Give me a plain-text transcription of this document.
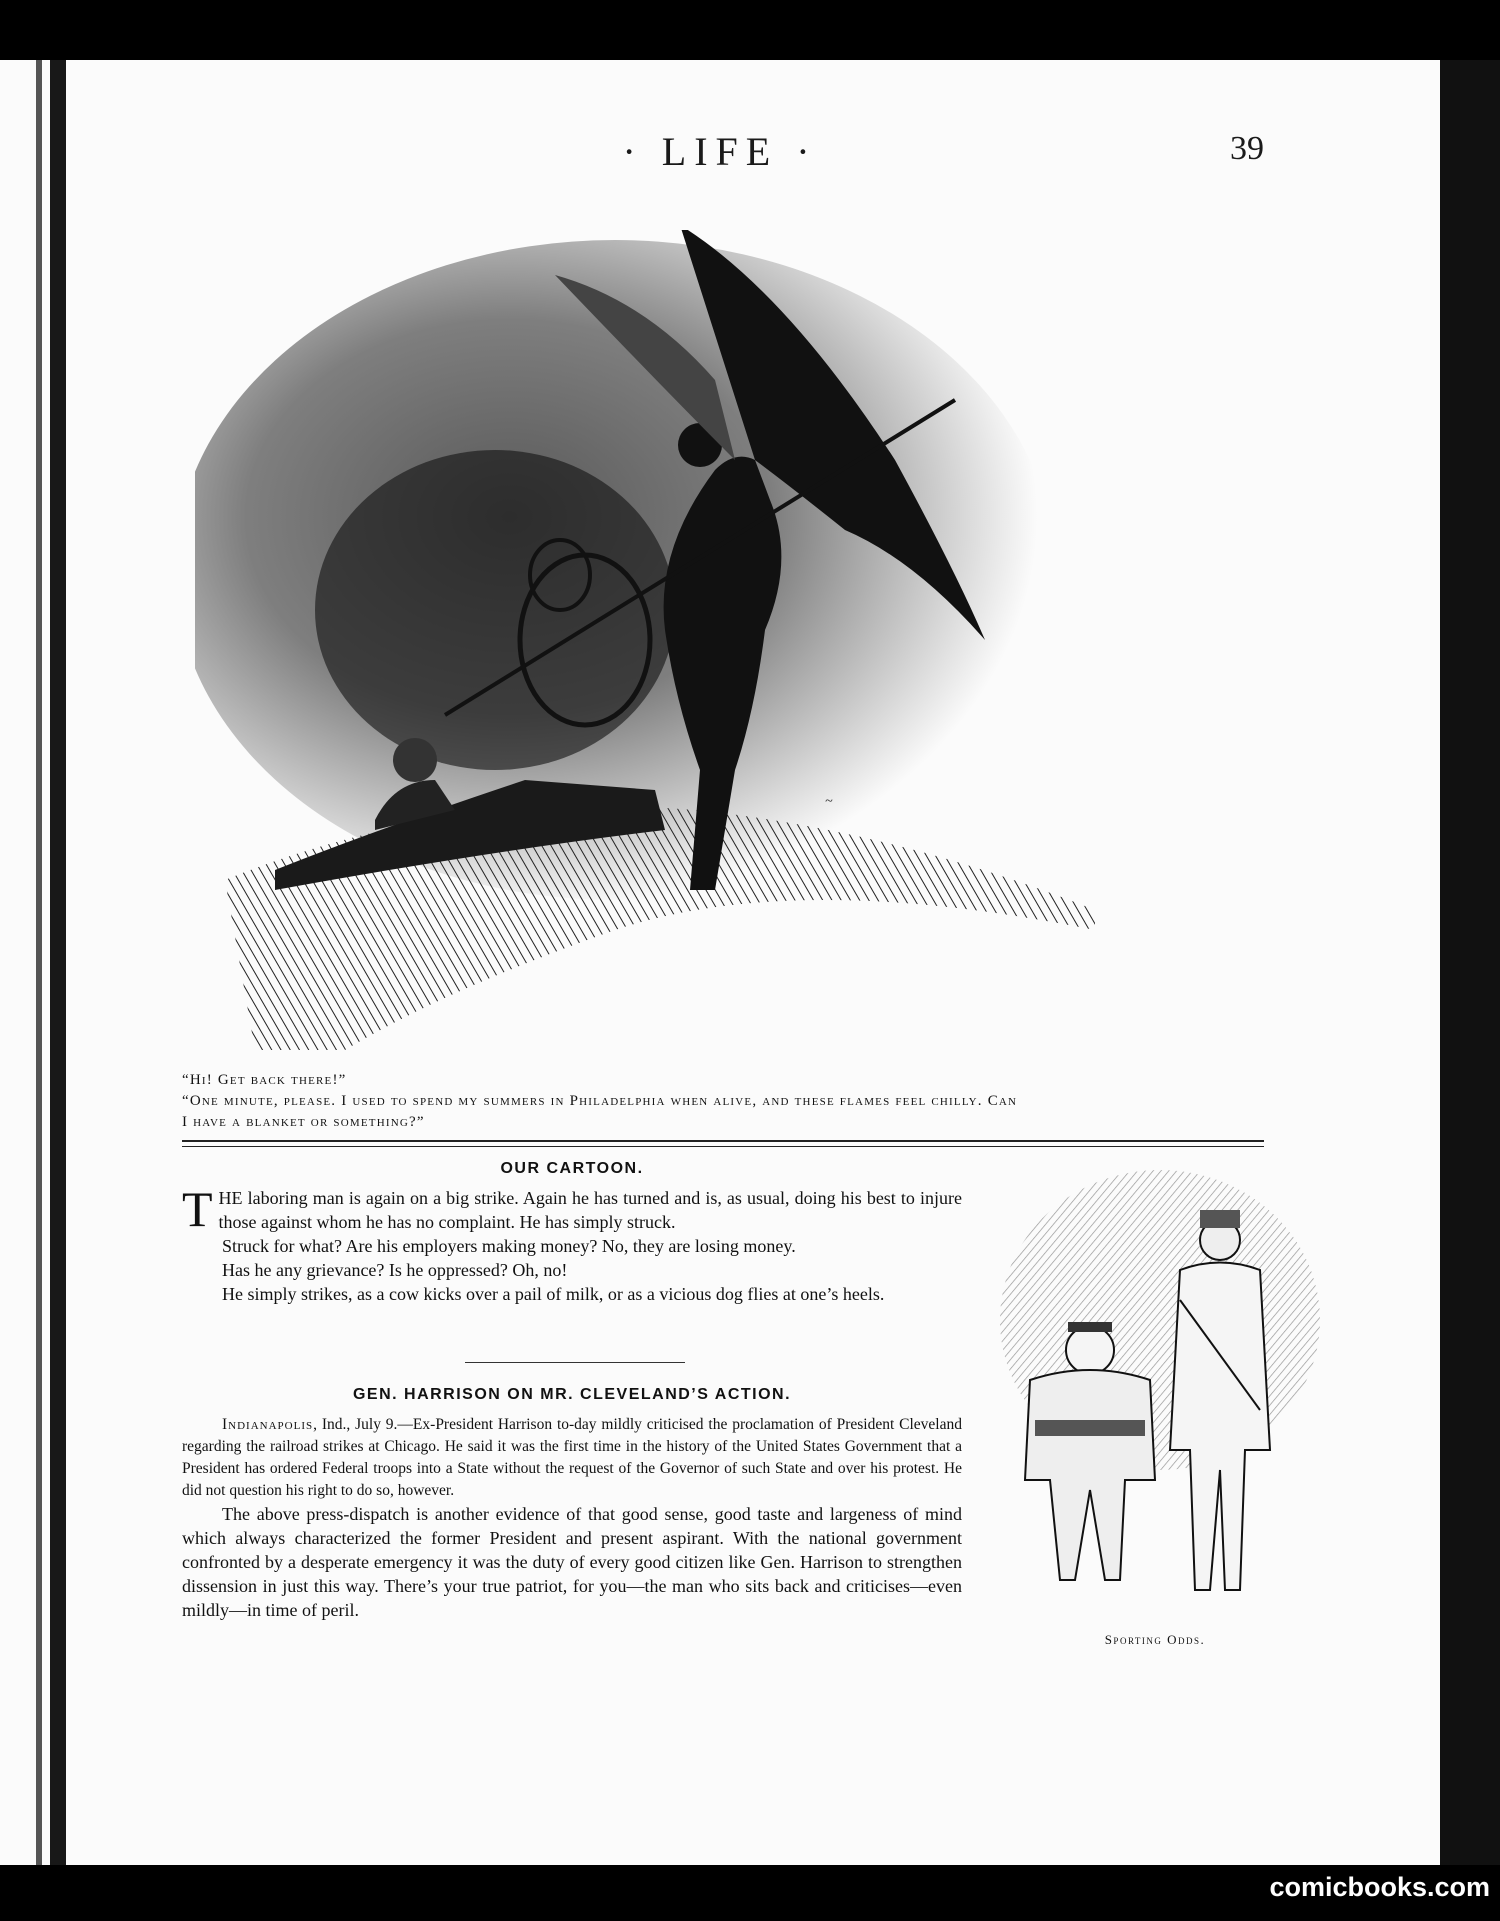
· LIFE ·	39
~
“Hi! Get back there!”
“One minute, please. I used to spend my summers in Philadelphia when alive, and these flames feel chilly. Can
I have a blanket or something?”
OUR CARTOON.

THE laboring man is again on a big strike. Again he has turned and is, as usual, doing his best to injure those against whom he has no complaint. He has simply struck.

Struck for what? Are his employers making money? No, they are losing money.

Has he any grievance? Is he oppressed? Oh, no!

He simply strikes, as a cow kicks over a pail of milk, or as a vicious dog flies at one’s heels.

GEN. HARRISON ON MR. CLEVELAND’S ACTION.

Indianapolis, Ind., July 9.—Ex-President Harrison to-day mildly criticised the proclamation of President Cleveland regarding the railroad strikes at Chicago. He said it was the first time in the history of the United States Government that a President has ordered Federal troops into a State without the request of the Governor of such State and over his protest. He did not question his right to do so, however.

The above press-dispatch is another evidence of that good sense, good taste and largeness of mind which always characterized the former President and present aspirant. With the national government confronted by a desperate emergency it was the duty of every good citizen like Gen. Harrison to strengthen dissension in just this way. There’s your true patriot, for you—the man who sits back and criticises—even mildly—in time of peril.

Sporting Odds.
comicbooks.com
